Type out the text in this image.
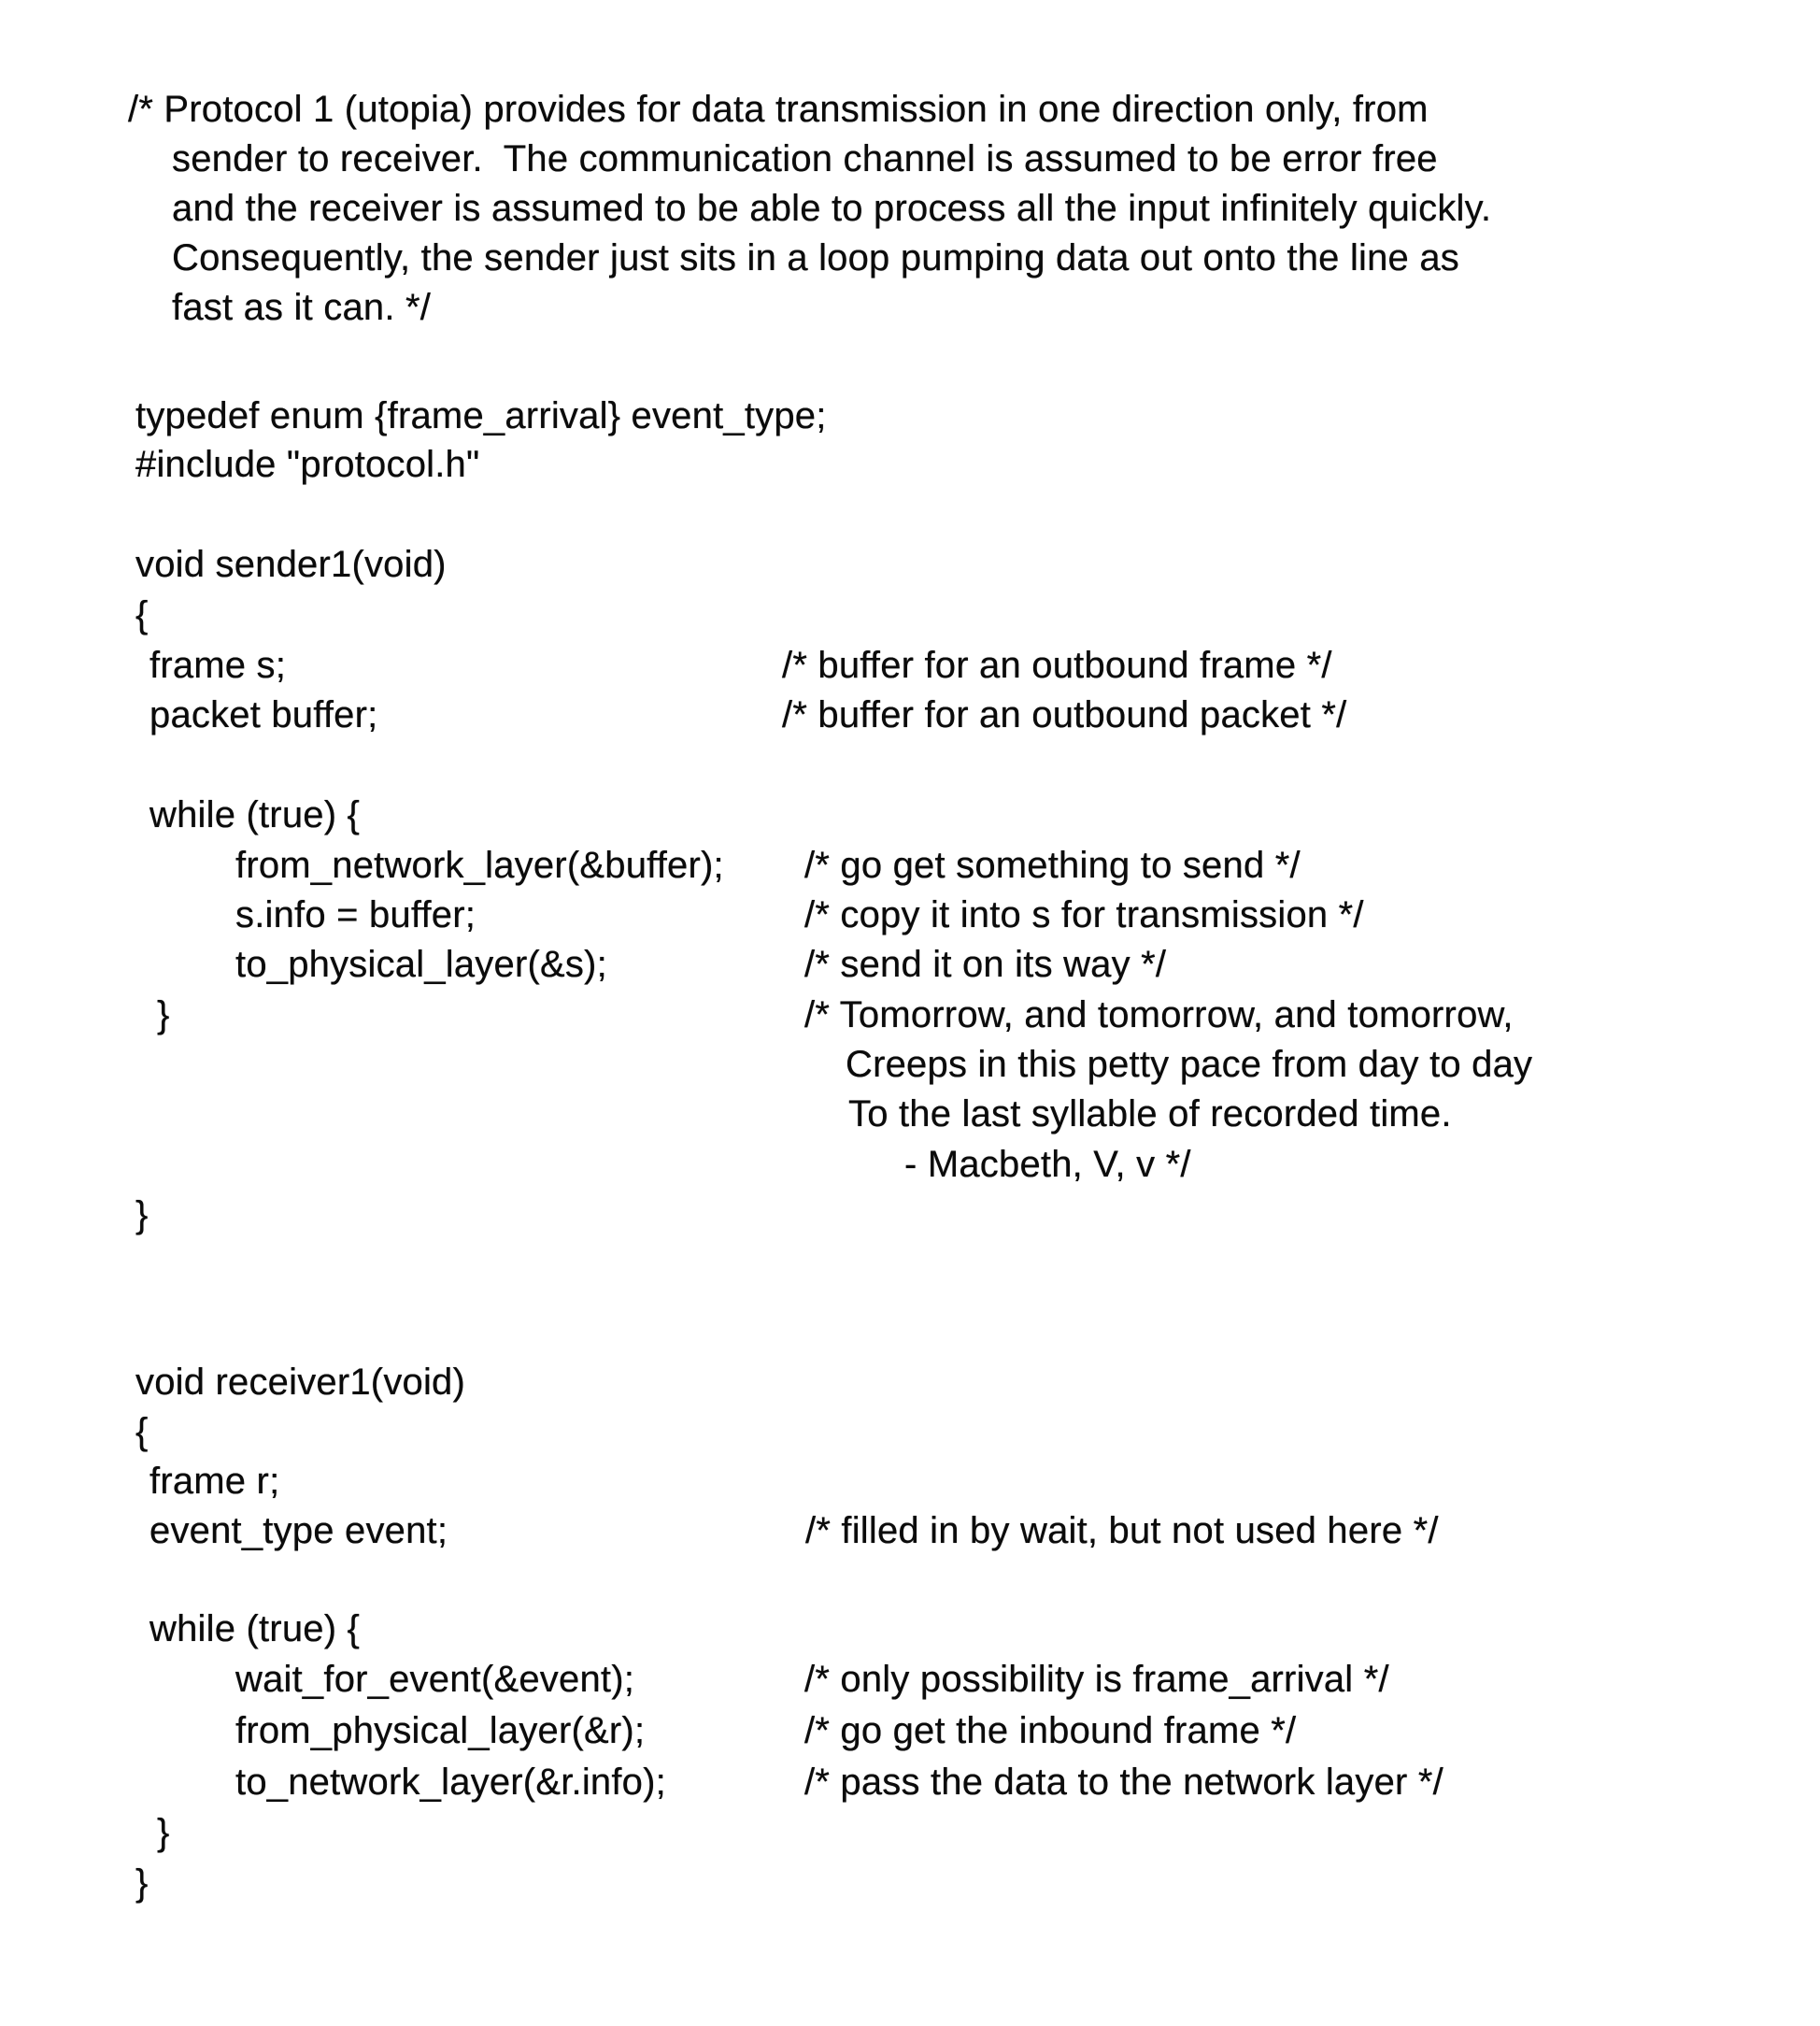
/* Protocol 1 (utopia) provides for data transmission in one direction only, from
sender to receiver.  The communication channel is assumed to be error free
and the receiver is assumed to be able to process all the input infinitely quickly.
Consequently, the sender just sits in a loop pumping data out onto the line as
fast as it can. */
typedef enum {frame_arrival} event_type;
#include "protocol.h"
void sender1(void)
{
frame s;	/* buffer for an outbound frame */
packet buffer;	/* buffer for an outbound packet */
while (true) {
from_network_layer(&buffer); /* go get something to send */
s.info = buffer;	/* copy it into s for transmission */
to_physical_layer(&s);	/* send it on its way */
}	/* Tomorrow, and tomorrow, and tomorrow,
Creeps in this petty pace from day to day
To the last syllable of recorded time.
- Macbeth, V, v */
}
void receiver1(void)
{
frame r;
event_type event;	/* filled in by wait, but not used here */
while (true) {
wait_for_event(&event);	/* only possibility is frame_arrival */
from_physical_layer(&r);	/* go get the inbound frame */
to_network_layer(&r.info);	/* pass the data to the network layer */
}
}
